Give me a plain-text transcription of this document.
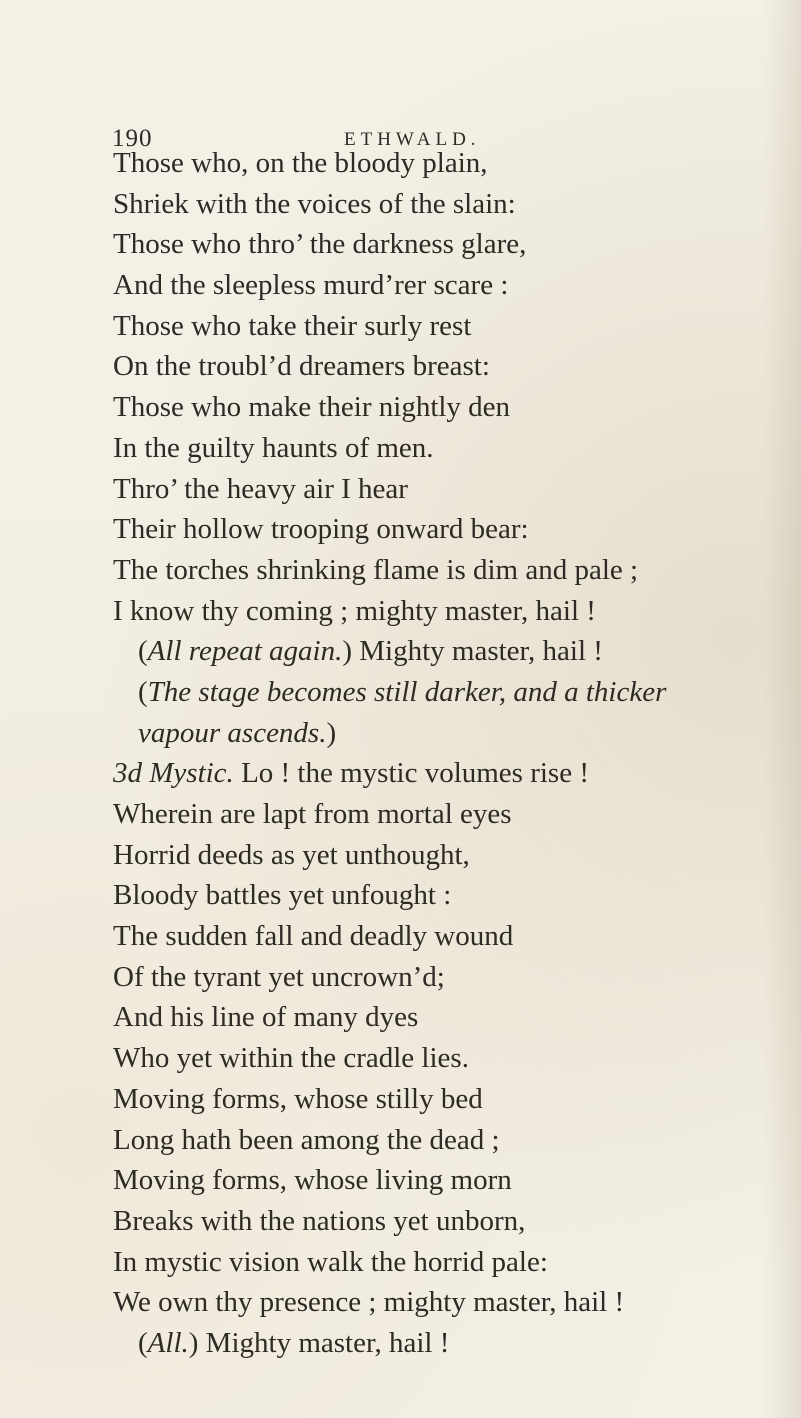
190	ETHWALD.
Those who, on the bloody plain,
Shriek with the voices of the slain:
Those who thro’ the darkness glare,
And the sleepless murd’rer scare :
Those who take their surly rest
On the troubl’d dreamers breast:
Those who make their nightly den
In the guilty haunts of men.
Thro’ the heavy air I hear
Their hollow trooping onward bear:
The torches shrinking flame is dim and pale ;
I know thy coming ; mighty master, hail !
(All repeat again.) Mighty master, hail !
(The stage becomes still darker, and a thicker
vapour ascends.)
3d Mystic. Lo ! the mystic volumes rise !
Wherein are lapt from mortal eyes
Horrid deeds as yet unthought,
Bloody battles yet unfought :
The sudden fall and deadly wound
Of the tyrant yet uncrown’d;
And his line of many dyes
Who yet within the cradle lies.
Moving forms, whose stilly bed
Long hath been among the dead ;
Moving forms, whose living morn
Breaks with the nations yet unborn,
In mystic vision walk the horrid pale:
We own thy presence ; mighty master, hail !
(All.) Mighty master, hail !
